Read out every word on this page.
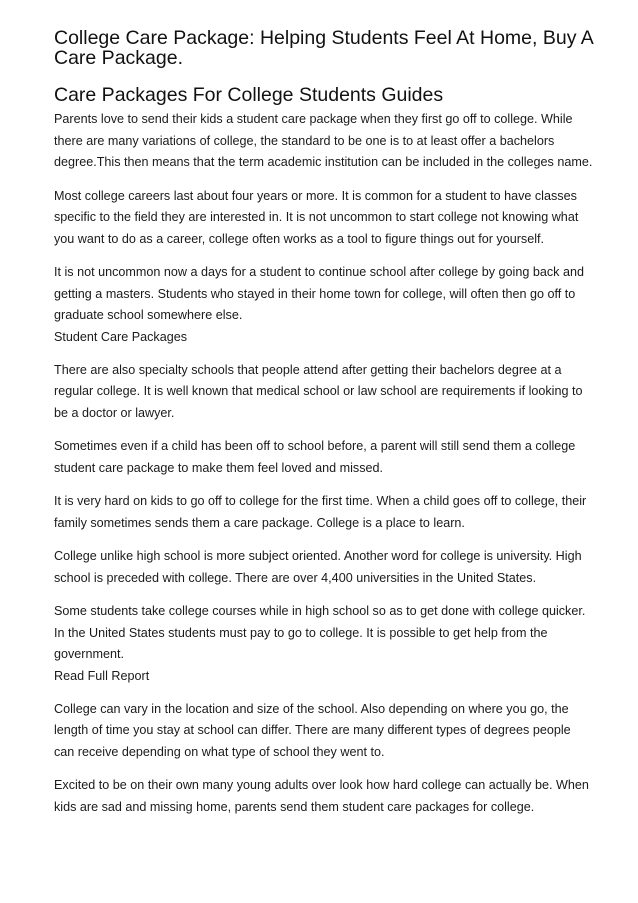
College Care Package: Helping Students Feel At Home, Buy A Care Package.
Care Packages For College Students Guides

Parents love to send their kids a student care package when they first go off to college. While there are many variations of college, the standard to be one is to at least offer a bachelors degree.This then means that the term academic institution can be included in the colleges name.

Most college careers last about four years or more. It is common for a student to have classes specific to the field they are interested in. It is not uncommon to start college not knowing what you want to do as a career, college often works as a tool to figure things out for yourself.

It is not uncommon now a days for a student to continue school after college by going back and getting a masters. Students who stayed in their home town for college, will often then go off to graduate school somewhere else.

Student Care Packages

There are also specialty schools that people attend after getting their bachelors degree at a regular college. It is well known that medical school or law school are requirements if looking to be a doctor or lawyer.

Sometimes even if a child has been off to school before, a parent will still send them a college student care package to make them feel loved and missed.

It is very hard on kids to go off to college for the first time. When a child goes off to college, their family sometimes sends them a care package. College is a place to learn.

College unlike high school is more subject oriented. Another word for college is university. High school is preceded with college. There are over 4,400 universities in the United States.

Some students take college courses while in high school so as to get done with college quicker. In the United States students must pay to go to college. It is possible to get help from the government.

Read Full Report

College can vary in the location and size of the school. Also depending on where you go, the length of time you stay at school can differ. There are many different types of degrees people can receive depending on what type of school they went to.

Excited to be on their own many young adults over look how hard college can actually be. When kids are sad and missing home, parents send them student care packages for college.
